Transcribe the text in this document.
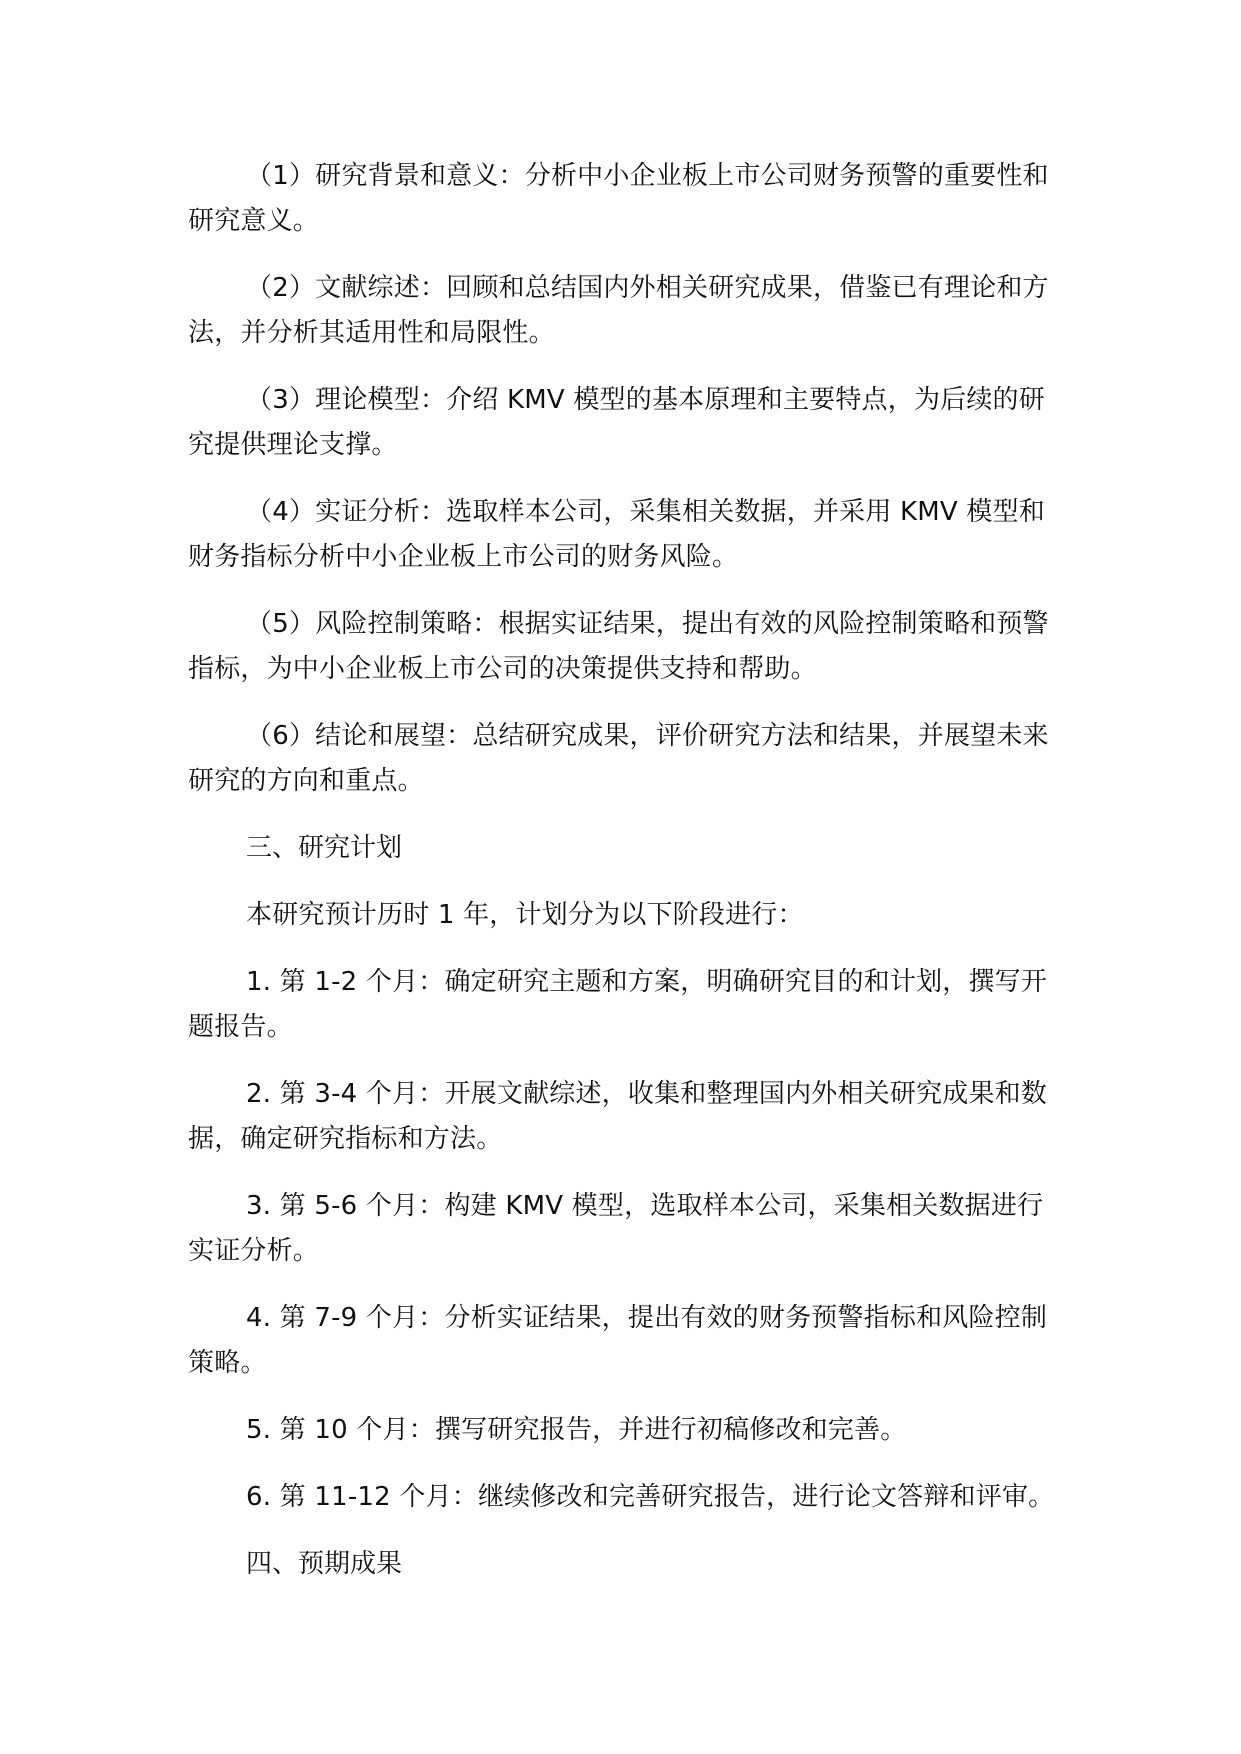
（1）研究背景和意义：分析中小企业板上市公司财务预警的重要性和研究意义。

（2）文献综述：回顾和总结国内外相关研究成果，借鉴已有理论和方法，并分析其适用性和局限性。

（3）理论模型：介绍 KMV 模型的基本原理和主要特点，为后续的研究提供理论支撑。

（4）实证分析：选取样本公司，采集相关数据，并采用 KMV 模型和财务指标分析中小企业板上市公司的财务风险。

（5）风险控制策略：根据实证结果，提出有效的风险控制策略和预警指标，为中小企业板上市公司的决策提供支持和帮助。

（6）结论和展望：总结研究成果，评价研究方法和结果，并展望未来研究的方向和重点。

三、研究计划

本研究预计历时 1 年，计划分为以下阶段进行：

1. 第 1-2 个月：确定研究主题和方案，明确研究目的和计划，撰写开题报告。

2. 第 3-4 个月：开展文献综述，收集和整理国内外相关研究成果和数据，确定研究指标和方法。

3. 第 5-6 个月：构建 KMV 模型，选取样本公司，采集相关数据进行实证分析。

4. 第 7-9 个月：分析实证结果，提出有效的财务预警指标和风险控制策略。

5. 第 10 个月：撰写研究报告，并进行初稿修改和完善。

6. 第 11-12 个月：继续修改和完善研究报告，进行论文答辩和评审。

四、预期成果
